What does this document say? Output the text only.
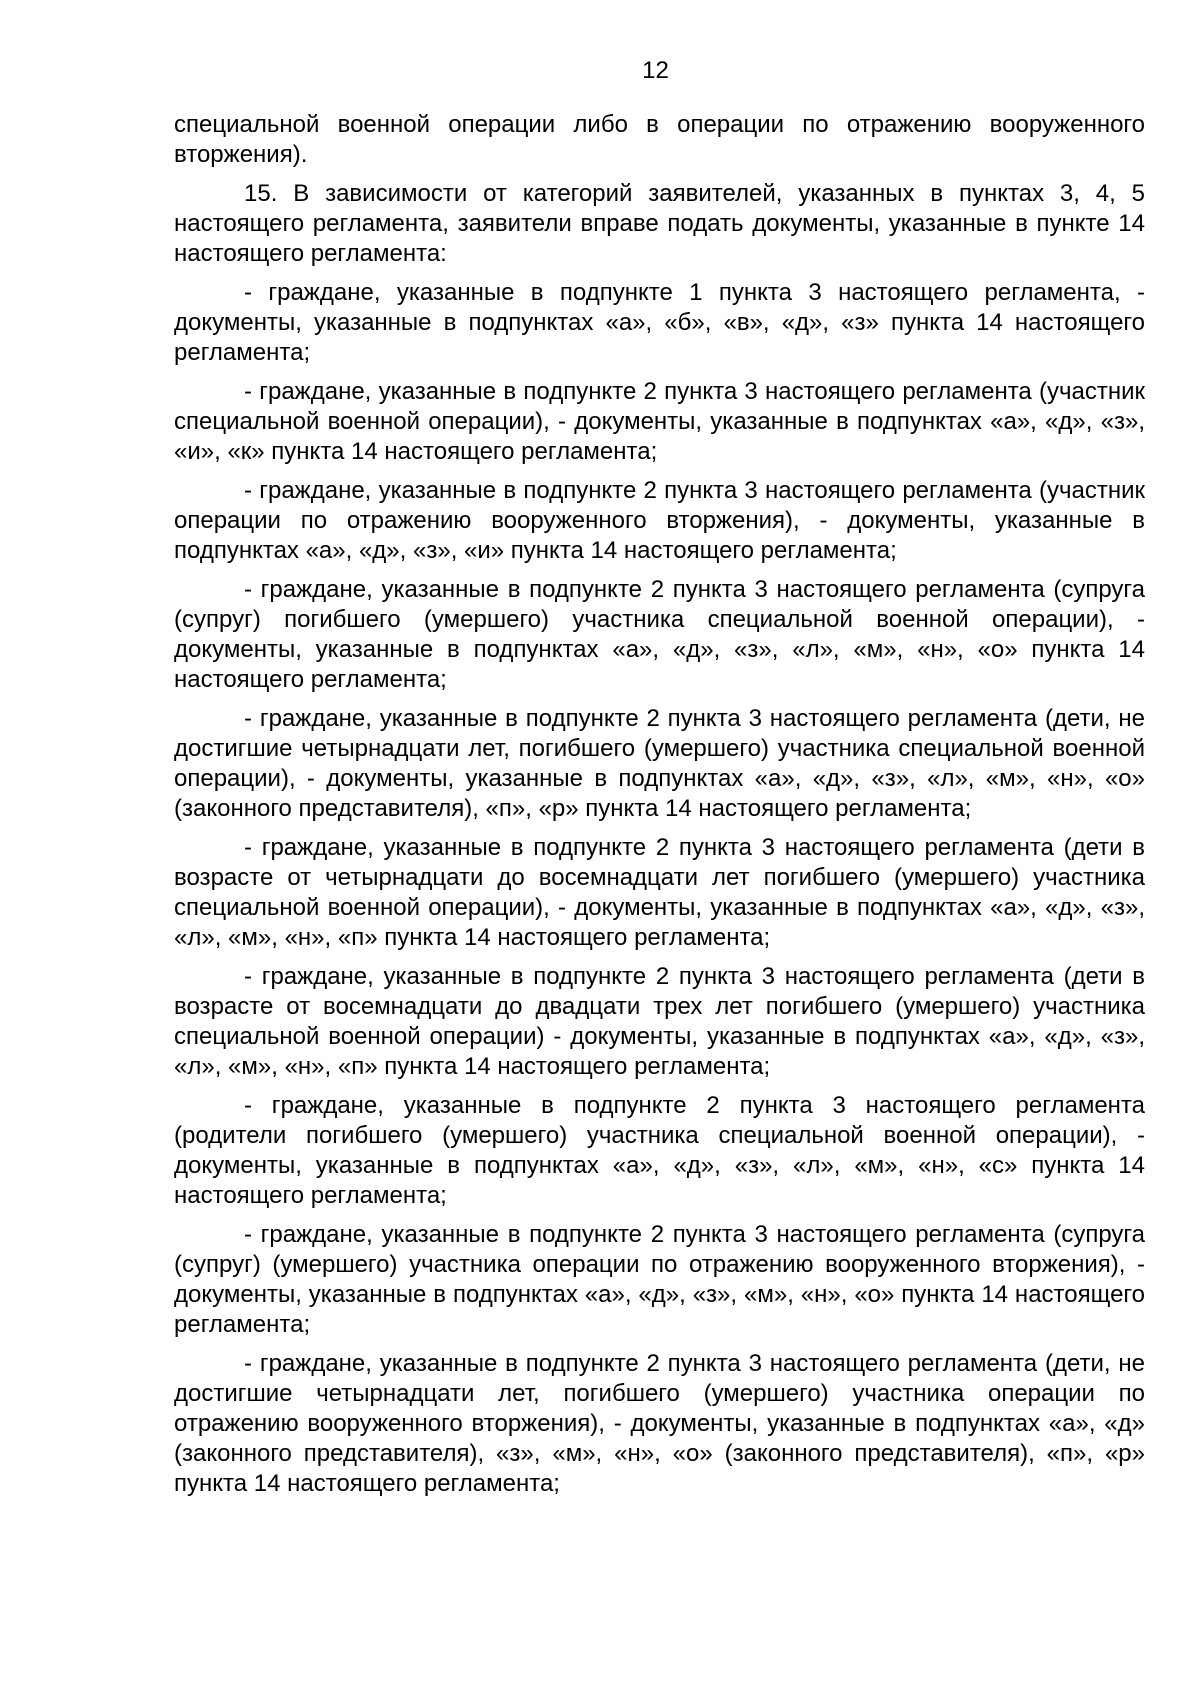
12

специальной военной операции либо в операции по отражению вооруженного вторжения).

15. В зависимости от категорий заявителей, указанных в пунктах 3, 4, 5 настоящего регламента, заявители вправе подать документы, указанные в пункте 14 настоящего регламента:

- граждане, указанные в подпункте 1 пункта 3 настоящего регламента, - документы, указанные в подпунктах «а», «б», «в», «д», «з» пункта 14 настоящего регламента;

- граждане, указанные в подпункте 2 пункта 3 настоящего регламента (участник специальной военной операции), - документы, указанные в подпунктах «а», «д», «з», «и», «к» пункта 14 настоящего регламента;

- граждане, указанные в подпункте 2 пункта 3 настоящего регламента (участник операции по отражению вооруженного вторжения), - документы, указанные в подпунктах «а», «д», «з», «и» пункта 14 настоящего регламента;

- граждане, указанные в подпункте 2 пункта 3 настоящего регламента (супруга (супруг) погибшего (умершего) участника специальной военной операции), - документы, указанные в подпунктах «а», «д», «з», «л», «м», «н», «о» пункта 14 настоящего регламента;

- граждане, указанные в подпункте 2 пункта 3 настоящего регламента (дети, не достигшие четырнадцати лет, погибшего (умершего) участника специальной военной операции), - документы, указанные в подпунктах «а», «д», «з», «л», «м», «н», «о» (законного представителя), «п», «р» пункта 14 настоящего регламента;

- граждане, указанные в подпункте 2 пункта 3 настоящего регламента (дети в возрасте от четырнадцати до восемнадцати лет погибшего (умершего) участника специальной военной операции), - документы, указанные в подпунктах «а», «д», «з», «л», «м», «н», «п» пункта 14 настоящего регламента;

- граждане, указанные в подпункте 2 пункта 3 настоящего регламента (дети в возрасте от восемнадцати до двадцати трех лет погибшего (умершего) участника специальной военной операции) - документы, указанные в подпунктах «а», «д», «з», «л», «м», «н», «п» пункта 14 настоящего регламента;

- граждане, указанные в подпункте 2 пункта 3 настоящего регламента (родители погибшего (умершего) участника специальной военной операции), - документы, указанные в подпунктах «а», «д», «з», «л», «м», «н», «с» пункта 14 настоящего регламента;

- граждане, указанные в подпункте 2 пункта 3 настоящего регламента (супруга (супруг) (умершего) участника операции по отражению вооруженного вторжения), - документы, указанные в подпунктах «а», «д», «з», «м», «н», «о» пункта 14 настоящего регламента;

- граждане, указанные в подпункте 2 пункта 3 настоящего регламента (дети, не достигшие четырнадцати лет, погибшего (умершего) участника операции по отражению вооруженного вторжения), - документы, указанные в подпунктах «а», «д» (законного представителя), «з», «м», «н», «о» (законного представителя), «п», «р» пункта 14 настоящего регламента;
